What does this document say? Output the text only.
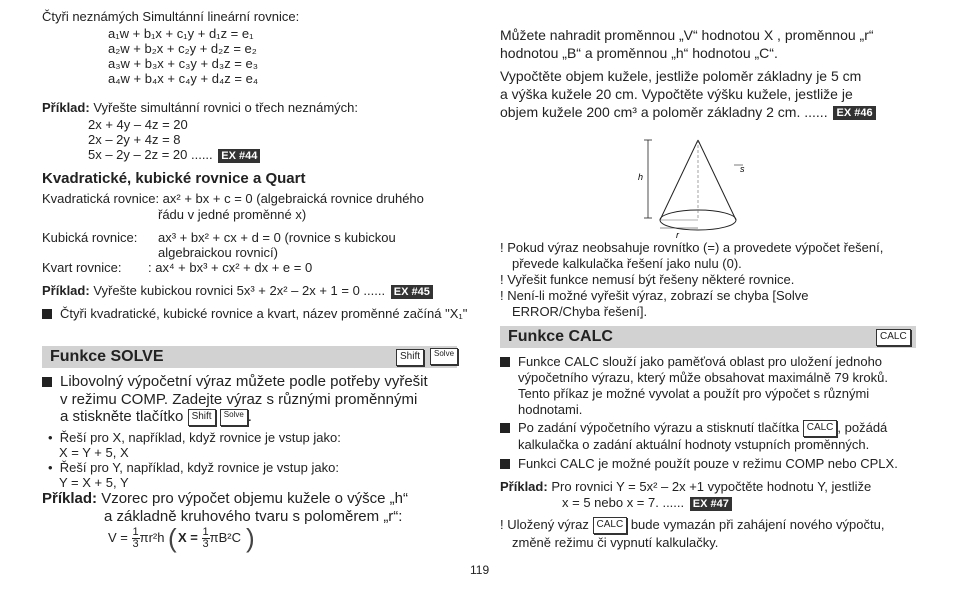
Čtyři neznámých Simultánní lineární rovnice:
a₁w + b₁x + c₁y + d₁z = e₁
a₂w + b₂x + c₂y + d₂z = e₂
a₃w + b₃x + c₃y + d₃z = e₃
a₄w + b₄x + c₄y + d₄z = e₄
Příklad: Vyřešte simultánní rovnici o třech neznámých:
2x + 4y – 4z = 20
2x – 2y + 4z = 8
5x – 2y – 2z = 20 ...... EX #44
Kvadratické, kubické rovnice a Quart
Kvadratická rovnice: ax² + bx + c = 0 (algebraická rovnice druhého
řádu v jedné proměnné x)
Kubická rovnice: ax³ + bx² + cx + d = 0 (rovnice s kubickou
algebraickou rovnicí)
Kvart rovnice: : ax⁴ + bx³ + cx² + dx + e = 0
Příklad: Vyřešte kubickou rovnici 5x³ + 2x² – 2x + 1 = 0 ...... EX #45
Čtyři kvadratické, kubické rovnice a kvart, název proměnné začíná "X₁"
Funkce SOLVE	Shift	Solve
Libovolný výpočetní výraz můžete podle potřeby vyřešit
v režimu COMP. Zadejte výraz s různými proměnnými
a stiskněte tlačítko Shift Solve .
•  Řeší pro X, například, když rovnice je vstup jako:
X = Y + 5, X
•  Řeší pro Y, například, když rovnice je vstup jako:
Y = X + 5, Y
Příklad: Vzorec pro výpočet objemu kužele o výšce „h“
a základně kruhového tvaru s poloměrem „r“:
$V = \frac{1}{3} \pi r^2h$ ( $X = \frac{1}{3} \pi B^2C$ )
Můžete nahradit proměnnou „V“ hodnotou X , proměnnou „r“
hodnotou „B“ a proměnnou „h“ hodnotou „C“.
Vypočtěte objem kužele, jestliže poloměr základny je 5 cm
a výška kužele 20 cm. Vypočtěte výšku kužele, jestliže je
objem kužele 200 cm³ a poloměr základny 2 cm. ...... EX #46
h
s
r
! Pokud výraz neobsahuje rovnítko (=) a provedete výpočet řešení,
převede kalkulačka řešení jako nulu (0).
! Vyřešit funkce nemusí být řešeny některé rovnice.
! Není-li možné vyřešit výraz, zobrazí se chyba [Solve
ERROR/Chyba řešení].
Funkce CALC	CALC
Funkce CALC slouží jako paměťová oblast pro uložení jednoho
výpočetního výrazu, který může obsahovat maximálně 79 kroků.
Tento příkaz je možné vyvolat a použít pro výpočet s různými
hodnotami.
Po zadání výpočetního výrazu a stisknutí tlačítka CALC , požádá
kalkulačka o zadání aktuální hodnoty vstupních proměnných.
Funkci CALC je možné použít pouze v režimu COMP nebo CPLX.
Příklad: Pro rovnici Y = 5x² – 2x +1 vypočtěte hodnotu Y, jestliže
x = 5 nebo x = 7. ...... EX #47
! Uložený výraz CALC bude vymazán při zahájení nového výpočtu,
změně režimu či vypnutí kalkulačky.
119
